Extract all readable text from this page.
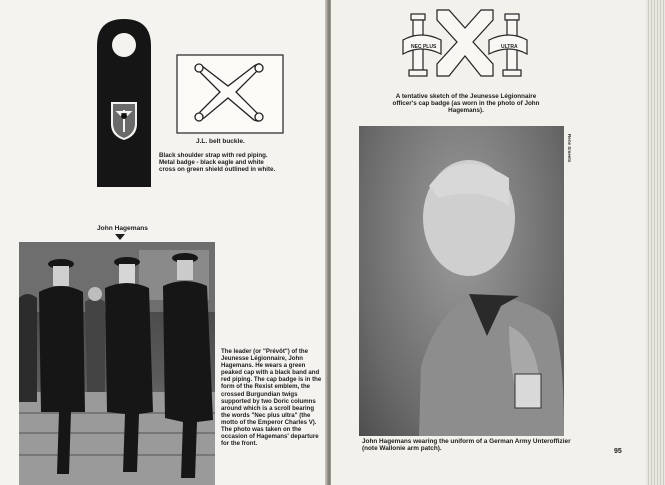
J.L. belt buckle.

Black shoulder strap with red piping. Metal badge - black eagle and white cross on green shield outlined in white.

John Hagemans

The leader (or "Prévôt") of the Jeunesse Légionnaire, John Hagemans. He wears a green peaked cap with a black band and red piping. The cap badge is in the form of the Rexist emblem, the crossed Burgundian twigs supported by two Doric columns around which is a scroll bearing the words "Nec plus ultra" (the motto of the Emperor Charles V). The photo was taken on the occasion of Hagemans' departure for the front.

NEC PLUS	ULTRA

A tentative sketch of the Jeunesse Légionnaire officer's cap badge (as worn in the photo of John Hagemans).

Rene Smeets

John Hagemans wearing the uniform of a German Army Unteroffizier (note Wallonie arm patch).	95
